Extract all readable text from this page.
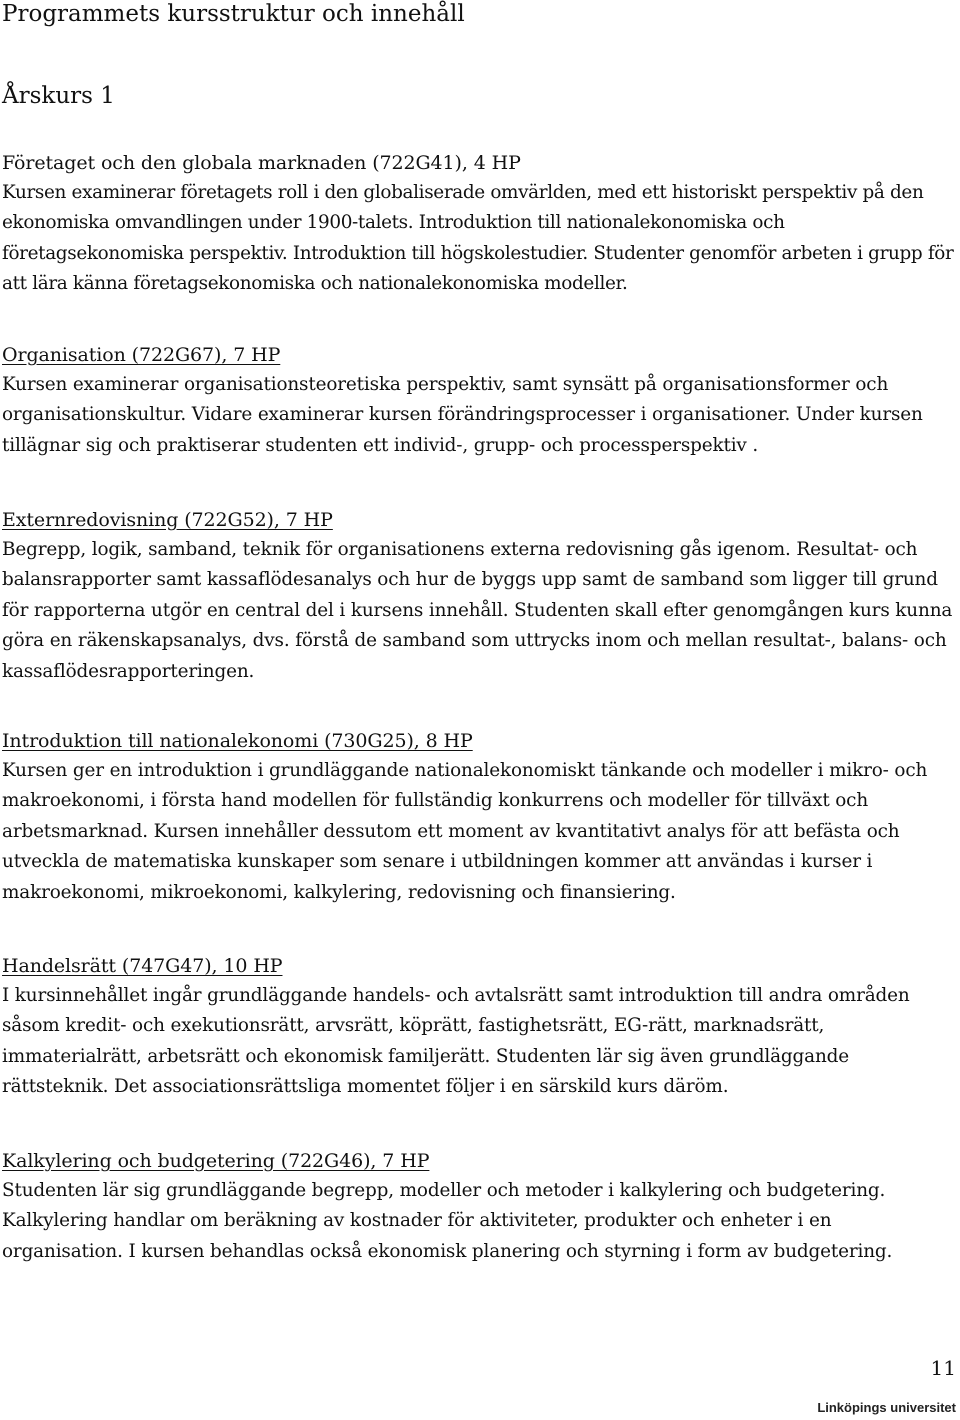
Programmets kursstruktur och innehåll
Årskurs 1
Företaget och den globala marknaden (722G41), 4 HP

Kursen examinerar företagets roll i den globaliserade omvärlden, med ett historiskt perspektiv på den ekonomiska omvandlingen under 1900-talets. Introduktion till nationalekonomiska och företagsekonomiska perspektiv. Introduktion till högskolestudier. Studenter genomför arbeten i grupp för att lära känna företagsekonomiska och nationalekonomiska modeller.

Organisation (722G67), 7 HP

Kursen examinerar organisationsteoretiska perspektiv, samt synsätt på organisationsformer och organisationskultur. Vidare examinerar kursen förändringsprocesser i organisationer. Under kursen tillägnar sig och praktiserar studenten ett individ-, grupp- och processperspektiv .

Externredovisning (722G52), 7 HP

Begrepp, logik, samband, teknik för organisationens externa redovisning gås igenom. Resultat- och balansrapporter samt kassaflödesanalys och hur de byggs upp samt de samband som ligger till grund för rapporterna utgör en central del i kursens innehåll. Studenten skall efter genomgången kurs kunna göra en räkenskapsanalys, dvs. förstå de samband som uttrycks inom och mellan resultat-, balans- och kassaflödesrapporteringen.

Introduktion till nationalekonomi (730G25), 8 HP

Kursen ger en introduktion i grundläggande nationalekonomiskt tänkande och modeller i mikro- och makroekonomi, i första hand modellen för fullständig konkurrens och modeller för tillväxt och arbetsmarknad. Kursen innehåller dessutom ett moment av kvantitativt analys för att befästa och utveckla de matematiska kunskaper som senare i utbildningen kommer att användas i kurser i makroekonomi, mikroekonomi, kalkylering, redovisning och finansiering.

Handelsrätt (747G47), 10 HP

I kursinnehållet ingår grundläggande handels- och avtalsrätt samt introduktion till andra områden såsom kredit- och exekutionsrätt, arvsrätt, köprätt, fastighetsrätt, EG-rätt, marknadsrätt, immaterialrätt, arbetsrätt och ekonomisk familjerätt. Studenten lär sig även grundläggande rättsteknik. Det associationsrättsliga momentet följer i en särskild kurs däröm.

Kalkylering och budgetering (722G46), 7 HP

Studenten lär sig grundläggande begrepp, modeller och metoder i kalkylering och budgetering. Kalkylering handlar om beräkning av kostnader för aktiviteter, produkter och enheter i en organisation. I kursen behandlas också ekonomisk planering och styrning i form av budgetering.

11
Linköpings universitet
